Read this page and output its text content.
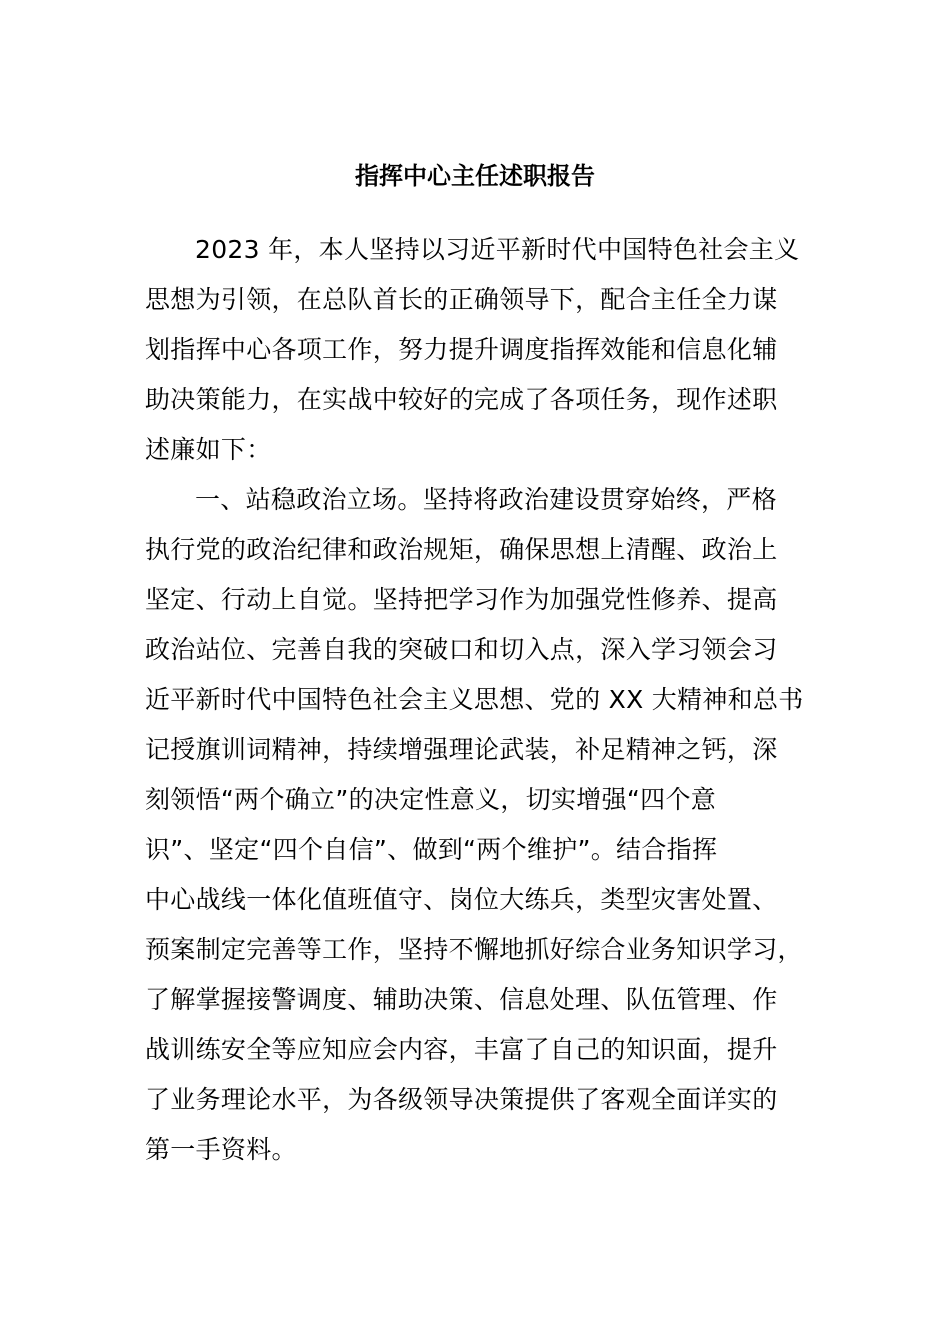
指挥中心主任述职报告
2023 年，本人坚持以习近平新时代中国特色社会主义
思想为引领，在总队首长的正确领导下，配合主任全力谋
划指挥中心各项工作，努力提升调度指挥效能和信息化辅
助决策能力，在实战中较好的完成了各项任务，现作述职
述廉如下：
一、站稳政治立场。坚持将政治建设贯穿始终，严格
执行党的政治纪律和政治规矩，确保思想上清醒、政治上
坚定、行动上自觉。坚持把学习作为加强党性修养、提高
政治站位、完善自我的突破口和切入点，深入学习领会习
近平新时代中国特色社会主义思想、党的 XX 大精神和总书
记授旗训词精神，持续增强理论武装，补足精神之钙，深
刻领悟“两个确立”的决定性意义，切实增强“四个意
识”、坚定“四个自信”、做到“两个维护”。结合指挥
中心战线一体化值班值守、岗位大练兵，类型灾害处置、
预案制定完善等工作，坚持不懈地抓好综合业务知识学习，
了解掌握接警调度、辅助决策、信息处理、队伍管理、作
战训练安全等应知应会内容，丰富了自己的知识面，提升
了业务理论水平，为各级领导决策提供了客观全面详实的
第一手资料。
